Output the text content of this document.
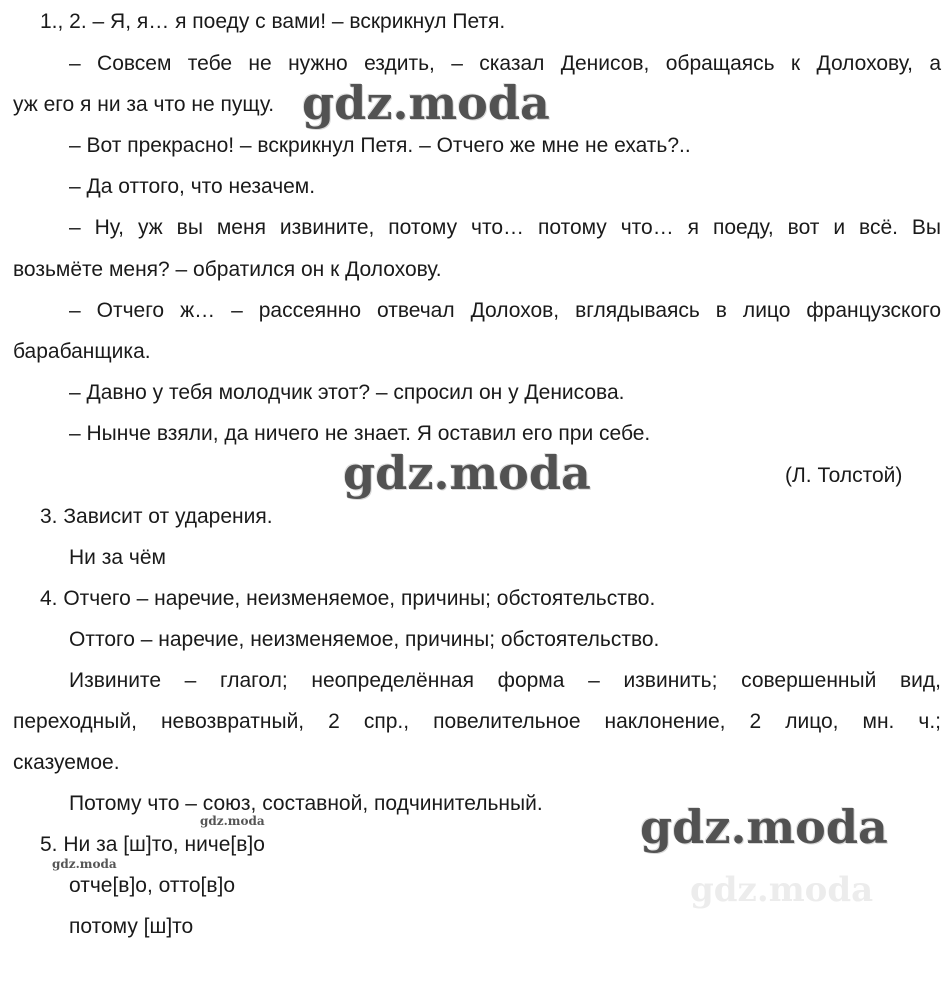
1., 2. – Я, я… я поеду с вами! – вскрикнул Петя.
– Совсем тебе не нужно ездить, – сказал Денисов, обращаясь к Долохову, а
уж его я ни за что не пущу.
– Вот прекрасно! – вскрикнул Петя. – Отчего же мне не ехать?..
– Да оттого, что незачем.
– Ну, уж вы меня извините, потому что… потому что… я поеду, вот и всё. Вы
возьмёте меня? – обратился он к Долохову.
– Отчего ж… – рассеянно отвечал Долохов, вглядываясь в лицо французского
барабанщика.
– Давно у тебя молодчик этот? – спросил он у Денисова.
– Нынче взяли, да ничего не знает. Я оставил его при себе.
(Л. Толстой)
3. Зависит от ударения.
Ни за чём
4. Отчего – наречие, неизменяемое, причины; обстоятельство.
Оттого – наречие, неизменяемое, причины; обстоятельство.
Извините – глагол; неопределённая форма – извинить; совершенный вид,
переходный, невозвратный, 2 спр., повелительное наклонение, 2 лицо, мн. ч.;
сказуемое.
Потому что – союз, составной, подчинительный.
5. Ни за [ш]то, ниче[в]о
отче[в]о, отто[в]о
потому [ш]то
gdz.moda
gdz.moda
gdz.moda
gdz.moda
gdz.moda
gdz.moda
